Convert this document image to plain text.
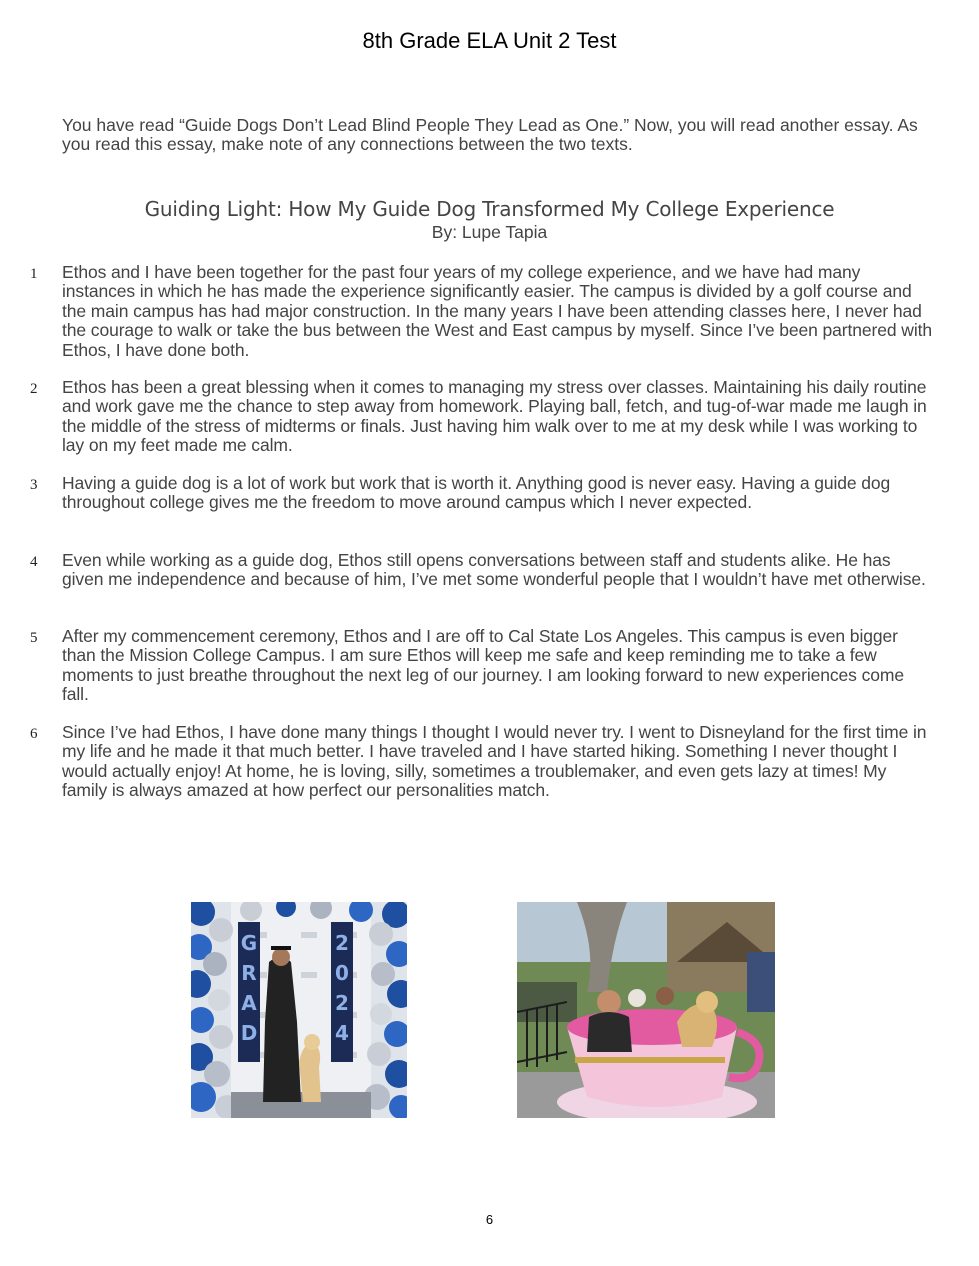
8th Grade ELA Unit 2 Test
You have read “Guide Dogs Don’t Lead Blind People They Lead as One.” Now, you will read another essay. As you read this essay, make note of any connections between the two texts.
Guiding Light: How My Guide Dog Transformed My College Experience
By: Lupe Tapia
1 Ethos and I have been together for the past four years of my college experience, and we have had many instances in which he has made the experience significantly easier. The campus is divided by a golf course and the main campus has had major construction. In the many years I have been attending classes here, I never had the courage to walk or take the bus between the West and East campus by myself. Since I’ve been partnered with Ethos, I have done both.
2 Ethos has been a great blessing when it comes to managing my stress over classes. Maintaining his daily routine and work gave me the chance to step away from homework. Playing ball, fetch, and tug-of-war made me laugh in the middle of the stress of midterms or finals. Just having him walk over to me at my desk while I was working to lay on my feet made me calm.
3 Having a guide dog is a lot of work but work that is worth it. Anything good is never easy. Having a guide dog throughout college gives me the freedom to move around campus which I never expected.
4 Even while working as a guide dog, Ethos still opens conversations between staff and students alike. He has given me independence and because of him, I’ve met some wonderful people that I wouldn’t have met otherwise.
5 After my commencement ceremony, Ethos and I are off to Cal State Los Angeles. This campus is even bigger than the Mission College Campus. I am sure Ethos will keep me safe and keep reminding me to take a few moments to just breathe throughout the next leg of our journey. I am looking forward to new experiences come fall.
6 Since I’ve had Ethos, I have done many things I thought I would never try. I went to Disneyland for the first time in my life and he made it that much better. I have traveled and I have started hiking. Something I never thought I would actually enjoy! At home, he is loving, silly, sometimes a troublemaker, and even gets lazy at times! My family is always amazed at how perfect our personalities match.
G
R
A
D
2
0
2
4
6
